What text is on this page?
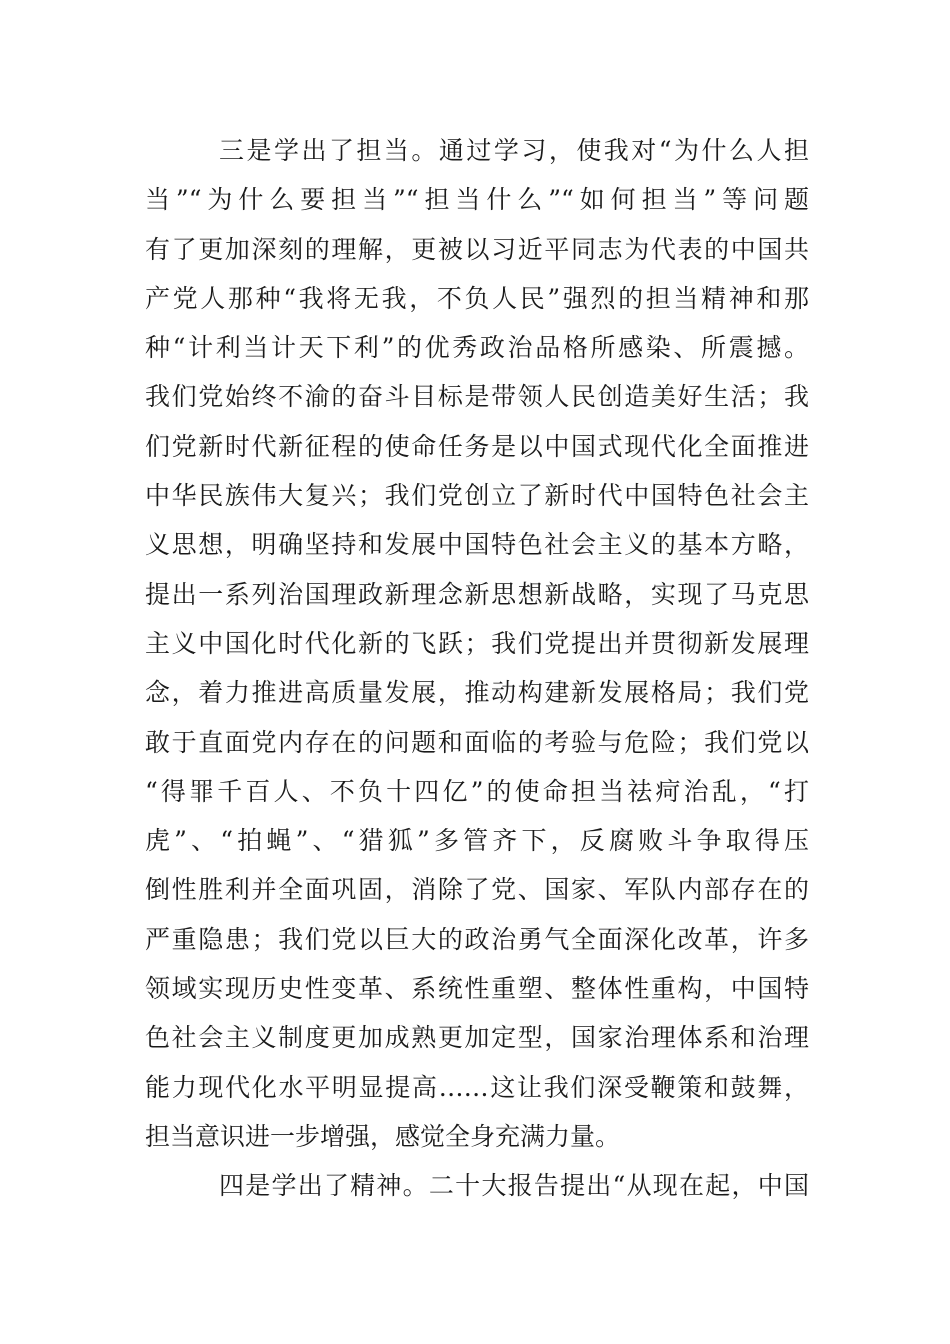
三是学出了担当。通过学习，使我对“为什么人担
当”“为什么要担当”“担当什么”“如何担当”等问题
有了更加深刻的理解，更被以习近平同志为代表的中国共
产党人那种“我将无我，不负人民”强烈的担当精神和那
种“计利当计天下利”的优秀政治品格所感染、所震撼。
我们党始终不渝的奋斗目标是带领人民创造美好生活；我
们党新时代新征程的使命任务是以中国式现代化全面推进
中华民族伟大复兴；我们党创立了新时代中国特色社会主
义思想，明确坚持和发展中国特色社会主义的基本方略，
提出一系列治国理政新理念新思想新战略，实现了马克思
主义中国化时代化新的飞跃；我们党提出并贯彻新发展理
念，着力推进高质量发展，推动构建新发展格局；我们党
敢于直面党内存在的问题和面临的考验与危险；我们党以
“得罪千百人、不负十四亿”的使命担当祛疴治乱，“打
虎”、“拍蝇”、“猎狐”多管齐下，反腐败斗争取得压
倒性胜利并全面巩固，消除了党、国家、军队内部存在的
严重隐患；我们党以巨大的政治勇气全面深化改革，许多
领域实现历史性变革、系统性重塑、整体性重构，中国特
色社会主义制度更加成熟更加定型，国家治理体系和治理
能力现代化水平明显提高……这让我们深受鞭策和鼓舞，
担当意识进一步增强，感觉全身充满力量。
四是学出了精神。二十大报告提出“从现在起，中国
